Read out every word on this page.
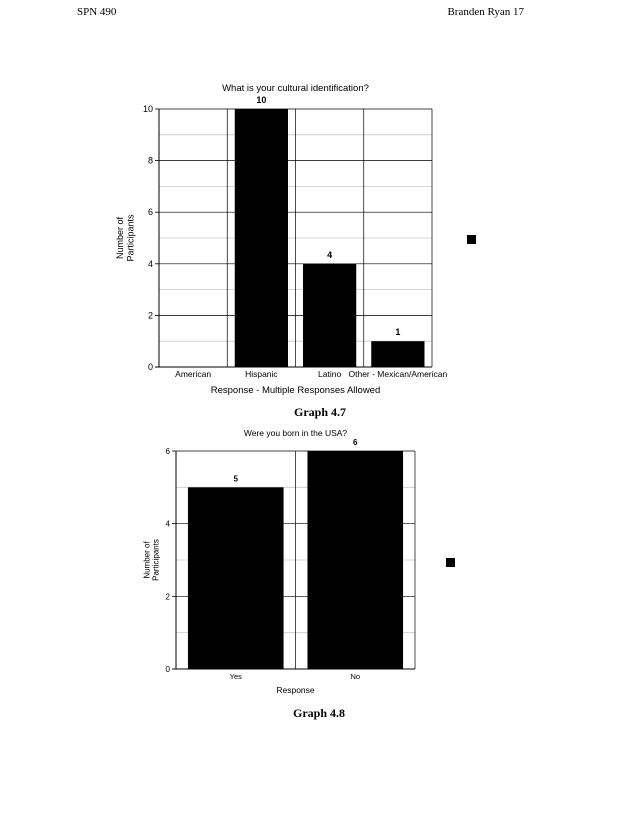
SPN 490	Branden Ryan 17
0
2
4
6
8
10
American
10
Hispanic
4
Latino
1
Other - Mexican/American
What is your cultural identification?
Response - Multiple Responses Allowed
Number ofParticipants
0
2
4
6
5
Yes
6
No
Were you born in the USA?
Response
Number ofParticipants
Graph 4.7
Graph 4.8
